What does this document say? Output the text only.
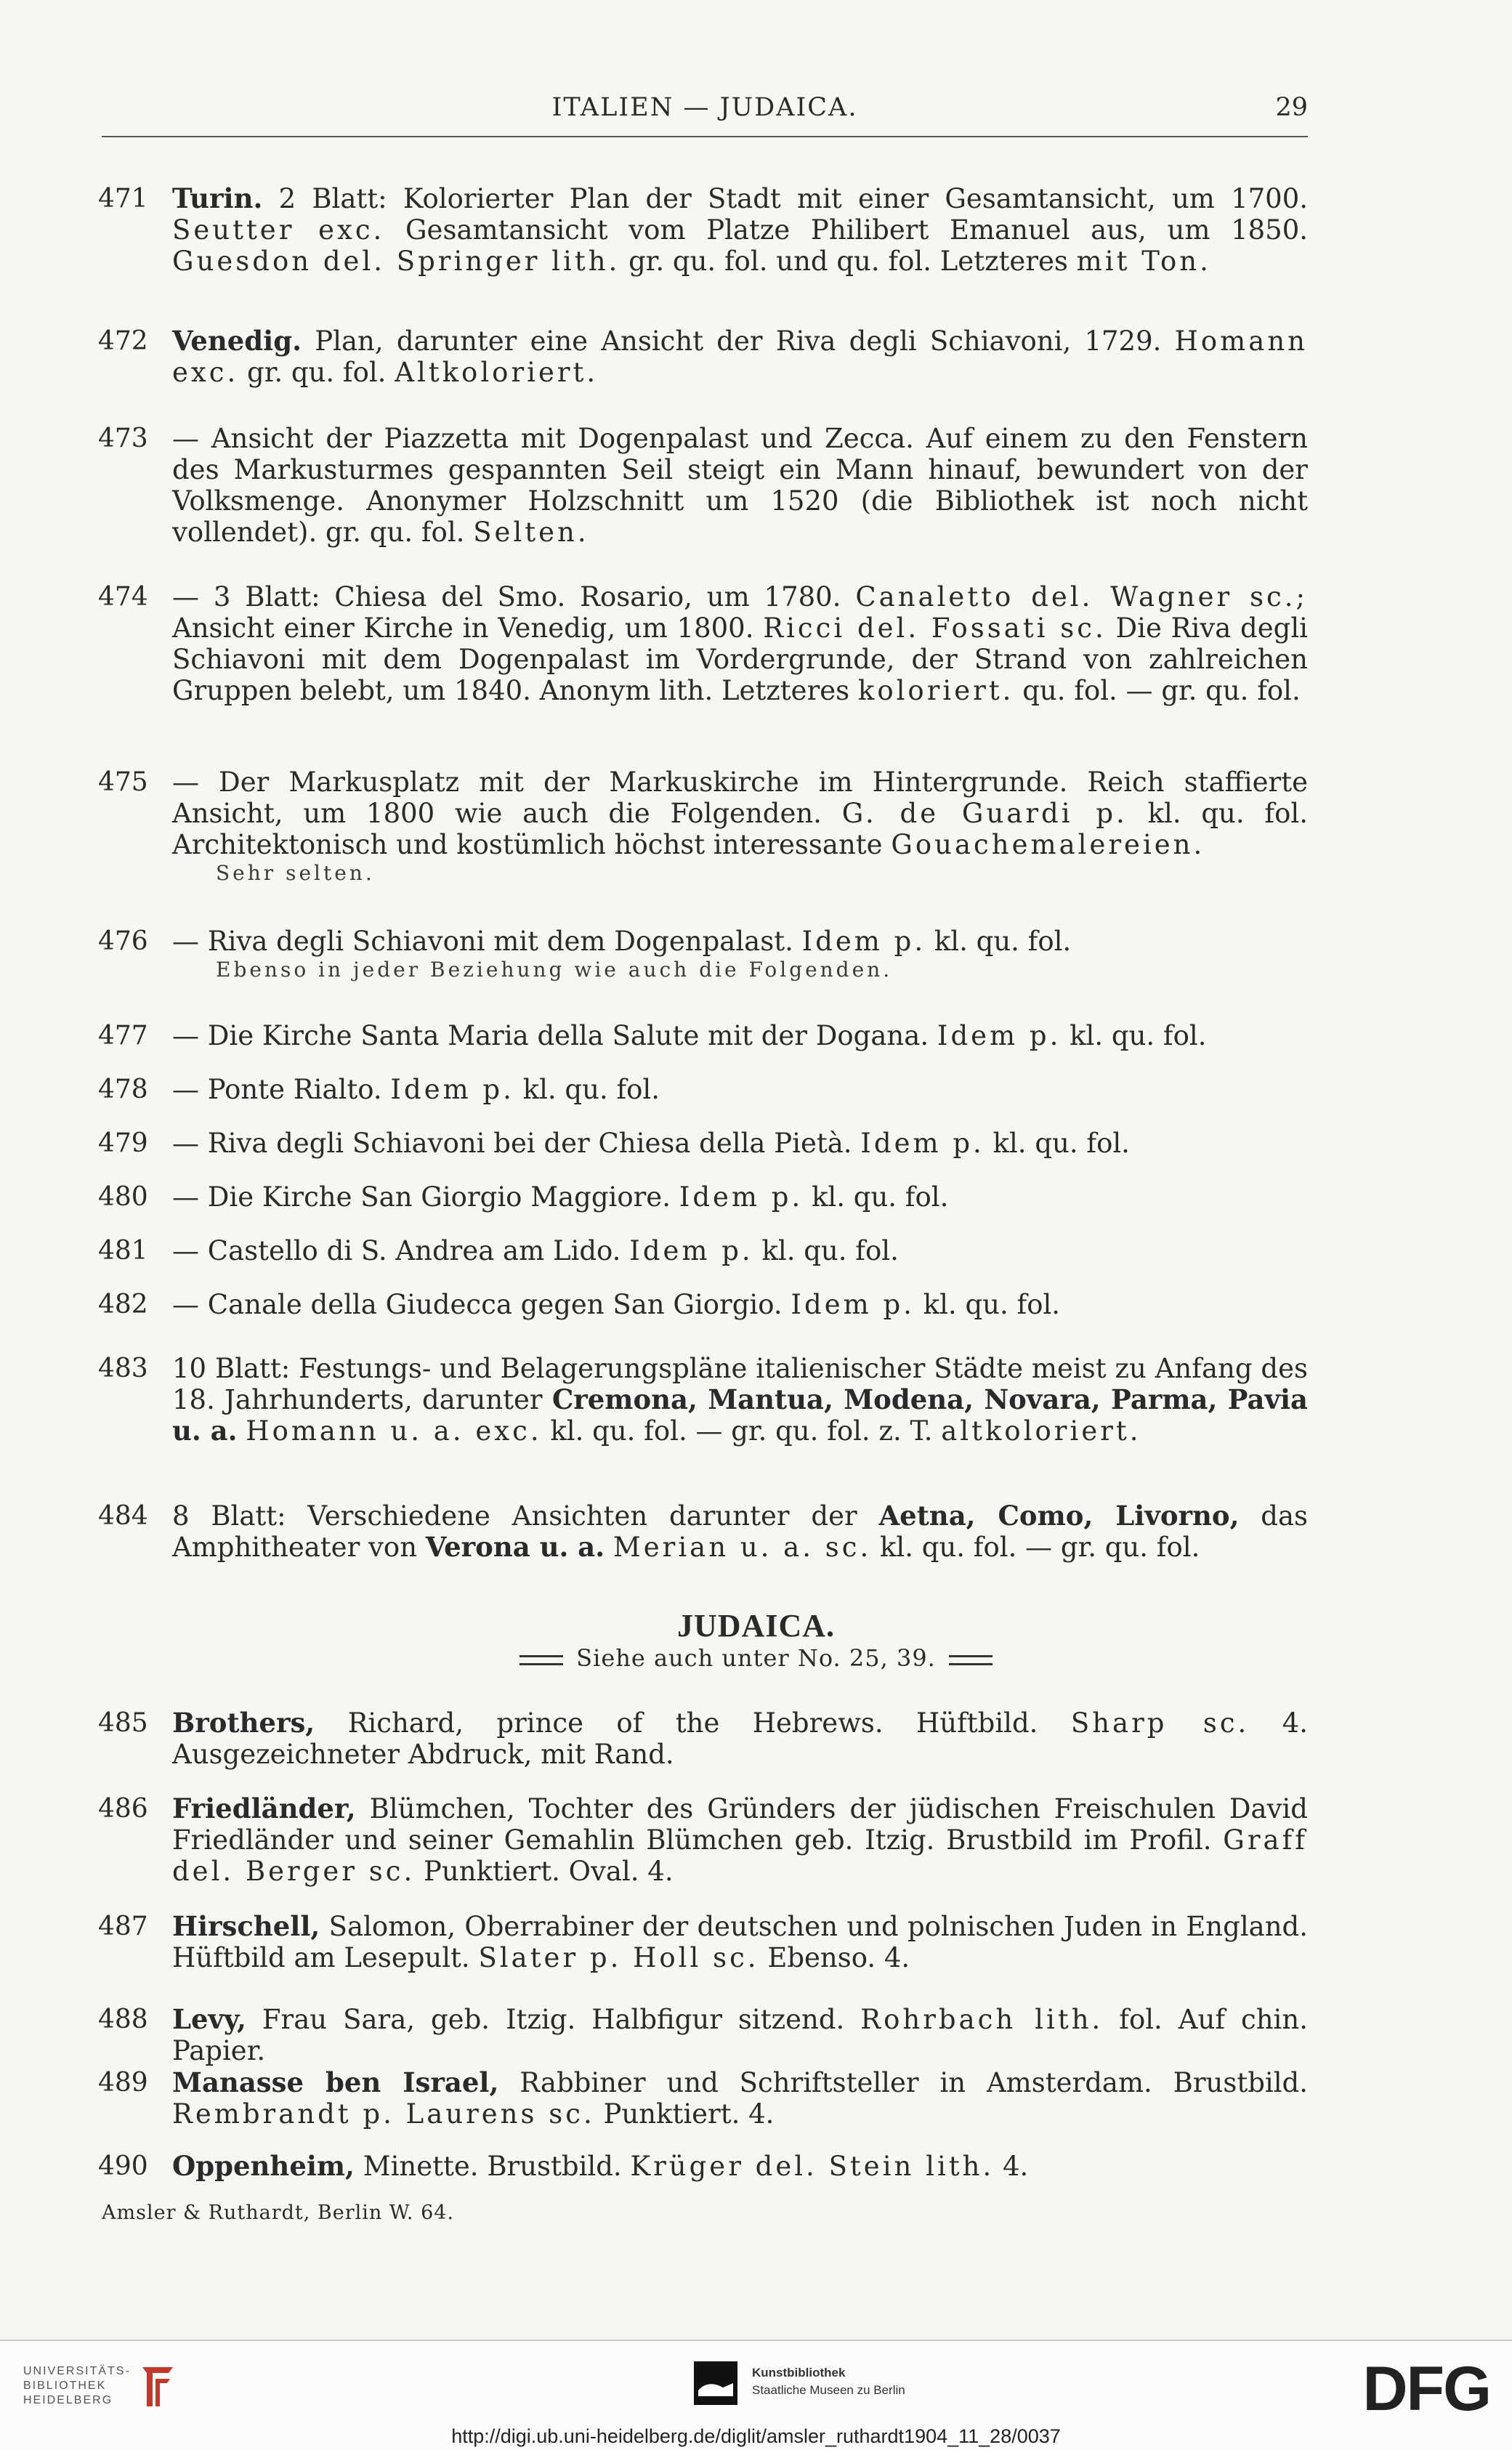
ITALIEN — JUDAICA.	29
471 Turin. 2 Blatt: Kolorierter Plan der Stadt mit einer Gesamtansicht, um 1700. Seutter exc. Gesamtansicht vom Platze Philibert Emanuel aus, um 1850. Guesdon del. Springer lith. gr. qu. fol. und qu. fol. Letzteres mit Ton.
472 Venedig. Plan, darunter eine Ansicht der Riva degli Schiavoni, 1729. Homann exc. gr. qu. fol. Altkoloriert.
473 — Ansicht der Piazzetta mit Dogenpalast und Zecca. Auf einem zu den Fenstern des Markusturmes gespannten Seil steigt ein Mann hinauf, bewundert von der Volksmenge. Anonymer Holzschnitt um 1520 (die Bibliothek ist noch nicht vollendet). gr. qu. fol. Selten.
474 — 3 Blatt: Chiesa del Smo. Rosario, um 1780. Canaletto del. Wagner sc.; Ansicht einer Kirche in Venedig, um 1800. Ricci del. Fossati sc. Die Riva degli Schiavoni mit dem Dogenpalast im Vordergrunde, der Strand von zahlreichen Gruppen belebt, um 1840. Anonym lith. Letzteres koloriert. qu. fol. — gr. qu. fol.
475 — Der Markusplatz mit der Markuskirche im Hintergrunde. Reich staffierte Ansicht, um 1800 wie auch die Folgenden. G. de Guardi p. kl. qu. fol. Architektonisch und kostümlich höchst interessante Gouachemalereien.
Sehr selten.
476 — Riva degli Schiavoni mit dem Dogenpalast. Idem p. kl. qu. fol.
Ebenso in jeder Beziehung wie auch die Folgenden.
477 — Die Kirche Santa Maria della Salute mit der Dogana. Idem p. kl. qu. fol.
478 — Ponte Rialto. Idem p. kl. qu. fol.
479 — Riva degli Schiavoni bei der Chiesa della Pietà. Idem p. kl. qu. fol.
480 — Die Kirche San Giorgio Maggiore. Idem p. kl. qu. fol.
481 — Castello di S. Andrea am Lido. Idem p. kl. qu. fol.
482 — Canale della Giudecca gegen San Giorgio. Idem p. kl. qu. fol.
483 10 Blatt: Festungs- und Belagerungspläne italienischer Städte meist zu Anfang des 18. Jahrhunderts, darunter Cremona, Mantua, Modena, Novara, Parma, Pavia u. a. Homann u. a. exc. kl. qu. fol. — gr. qu. fol. z. T. altkoloriert.
484 8 Blatt: Verschiedene Ansichten darunter der Aetna, Como, Livorno, das Amphitheater von Verona u. a. Merian u. a. sc. kl. qu. fol. — gr. qu. fol.
JUDAICA.
Siehe auch unter No. 25, 39.
485 Brothers, Richard, prince of the Hebrews. Hüftbild. Sharp sc. 4. Ausgezeichneter Abdruck, mit Rand.
486 Friedländer, Blümchen, Tochter des Gründers der jüdischen Freischulen David Friedländer und seiner Gemahlin Blümchen geb. Itzig. Brustbild im Profil. Graff del. Berger sc. Punktiert. Oval. 4.
487 Hirschell, Salomon, Oberrabiner der deutschen und polnischen Juden in England. Hüftbild am Lesepult. Slater p. Holl sc. Ebenso. 4.
488 Levy, Frau Sara, geb. Itzig. Halbfigur sitzend. Rohrbach lith. fol. Auf chin. Papier.
489 Manasse ben Israel, Rabbiner und Schriftsteller in Amsterdam. Brustbild. Rembrandt p. Laurens sc. Punktiert. 4.
490 Oppenheim, Minette. Brustbild. Krüger del. Stein lith. 4.
Amsler & Ruthardt, Berlin W. 64.
UNIVERSITÄTS-
BIBLIOTHEK
HEIDELBERG
Kunstbibliothek
Staatliche Museen zu Berlin	DFG
http://digi.ub.uni-heidelberg.de/diglit/amsler_ruthardt1904_11_28/0037
